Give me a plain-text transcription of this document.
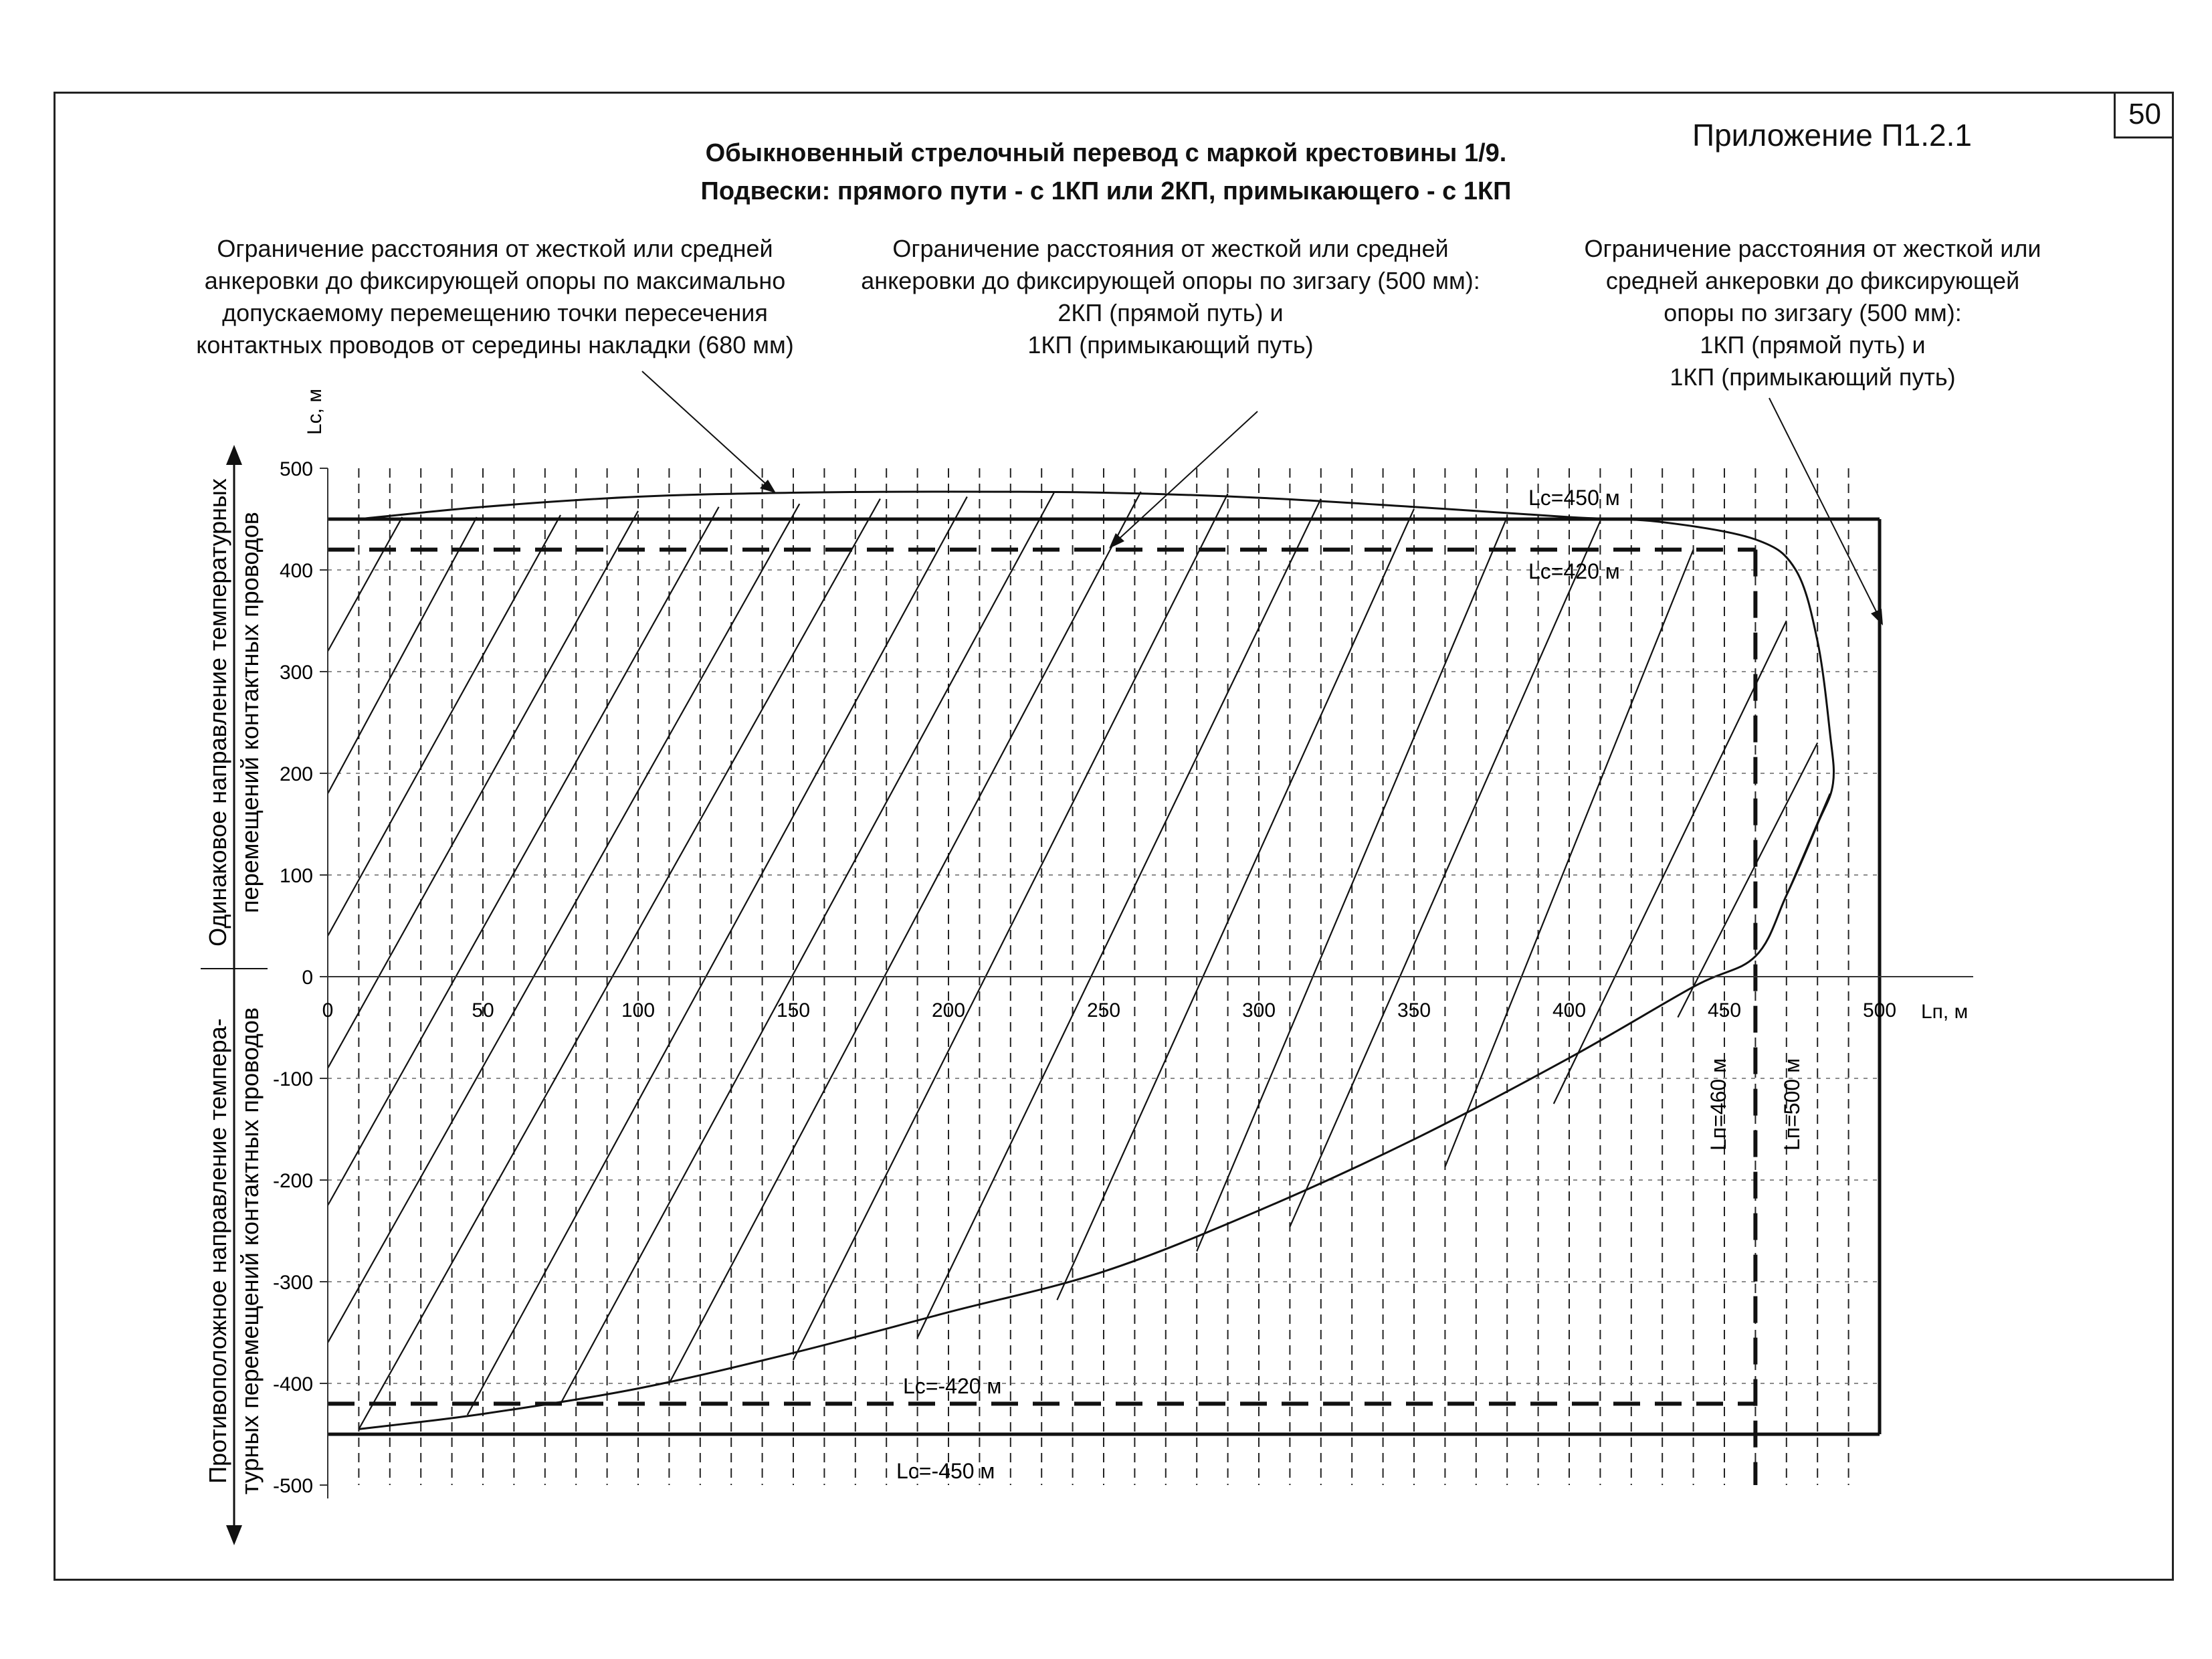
50
Приложение П1.2.1
Обыкновенный стрелочный перевод с маркой крестовины 1/9.
Подвески: прямого пути - с 1КП или 2КП, примыкающего - с 1КП
Ограничение расстояния от жесткой или средней
анкеровки до фиксирующей опоры по максимально
допускаемому перемещению точки пересечения
контактных проводов от середины накладки (680 мм)
Ограничение расстояния от жесткой или средней
анкеровки до фиксирующей опоры по зигзагу (500 мм):
2КП (прямой путь) и
1КП (примыкающий путь)
Ограничение расстояния от жесткой или
средней анкеровки до фиксирующей
опоры по зигзагу (500 мм):
1КП (прямой путь) и
1КП (примыкающий путь)
0	50	100	150	200	250	300	350	400	450	500
500
400
300
200
100
0
-100
-200
-300
-400
-500
Lc, м
Lп, м
Одинаковое направление температурных перемещений контактных проводов
Противоположное направление темпера- турных перемещений контактных проводов
Lc=450 м
Lc=420 м
Lc=-420 м
Lc=-450 м
Lп=460 м Lп=500 м
